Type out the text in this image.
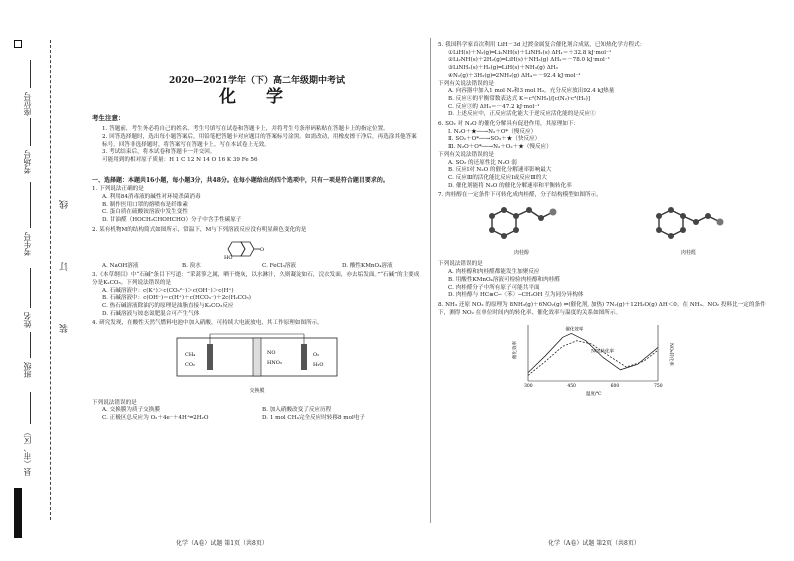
座位号
考场号
考生号
姓名
班级
县（市、区）
线
订
装
2020—2021学年（下）高二年级期中考试
化 学
考生注意：
1. 答题前，考生务必将自己的姓名、考生号填写在试卷和答题卡上，并将考生号条形码粘贴在答题卡上的指定位置。
2. 回答选择题时，选出每小题答案后，用铅笔把答题卡对应题目的答案标号涂黑。如需改动，用橡皮擦干净后，再选涂其他答案标号。回答非选择题时，将答案写在答题卡上。写在本试卷上无效。
3. 考试结束后，将本试卷和答题卡一并交回。
可能用到的相对原子质量：H 1 C 12 N 14 O 16 K 39 Fe 56
一、选择题：本题共16小题，每小题3分，共48分。在每小题给出的四个选项中，只有一项是符合题目要求的。
1. 下列说法正确的是
A. 利用84消毒液的碱性对环境杀菌消毒
B. 制作医用口罩的熔喷布是纤维素
C. 蛋白质在硫酸铵溶液中发生变性
D. 甘油醛（HOCH₂CHOHCHO）分子中含手性碳原子
2. 某有机物M的结构简式如图所示，常温下，M与下列溶液反应没有明显颜色变化的是
HO
O
A. NaOH溶液	B. 溴水	C. FeCl₃溶液	D. 酸性KMnO₄溶液
3.《本草纲目》中“石碱”条目下写道：“采蒿蓼之属，晒干烧灰，以水淋汁，久则凝淀如石，浣衣发面，亦去垢发面。”“石碱”的主要成分是K₂CO₃。下列说法错误的是
A. 石碱溶液中：c(K⁺)＞c(CO₃²⁻)＞c(OH⁻)＞c(H⁺)
B. 石碱溶液中：c(OH⁻)＝c(H⁺)＋c(HCO₃⁻)＋2c(H₂CO₃)
C. 热石碱溶液除油污的原理是油脂直接与K₂CO₃反应
D. 石碱溶液与铵态氮肥混合可产生气体
4. 研究发现，在酸性天然气燃料电池中加入硝酸，可持续大电流放电，其工作原理如图所示。
CH₄
CO₂
NO
HNO₃
O₂
H₂O
交换膜
下列说法错误的是
A. 交换膜为质子交换膜	B. 加入硝酸改变了反应历程
C. 正极区总反应为 O₂＋4e⁻＋4H⁺═2H₂O	D. 1 mol CH₄完全反应时转移8 mol电子
5. 我国科学家首次利用 LiH－3d 过渡金属复合催化剂合成氨，已知热化学方程式：
①LiH(s)＋N₂(g)═Li₂NH(s)＋LiNH₂(s) ΔH₁＝＋32.8 kJ·mol⁻¹
②Li₂NH(s)＋2H₂(g)═LiH(s)＋NH₃(g) ΔH₂＝－78.0 kJ·mol⁻¹
③LiNH₂(s)＋H₂(g)═LiH(s)＋NH₃(g) ΔH₃
④N₂(g)＋3H₂(g)═2NH₃(g) ΔH₄＝－92.4 kJ·mol⁻¹
下列有关说法错误的是
A. 向容器中加入1 mol N₂和3 mol H₂，充分反应放出92.4 kJ热量
B. 反应④的平衡常数表达式 K＝c²(NH₃)/[c(N₂)·c³(H₂)]
C. 反应③的 ΔH₃＝－47.2 kJ·mol⁻¹
D. 上述反应中，正反应活化能大于逆反应活化能的是反应①
6. SO₂ 对 N₂O 的催化分解具有促进作用，其原理如下：
Ⅰ. N₂O＋★──→N₂＋O*（慢反应）
Ⅱ. SO₂＋O*──→SO₃＋★（快反应）
Ⅲ. N₂O＋O*──→N₂＋O₂＋★（慢反应）
下列有关说法错误的是
A. SO₂ 的还原性比 N₂O 弱
B. 反应Ⅰ对 N₂O 的催化分解速率影响最大
C. 反应Ⅲ的活化能比反应Ⅰ或反应Ⅲ的大
D. 催化剂能将 N₂O 的催化分解速率和平衡转化率
7. 肉桂醇在一定条件下可转化成肉桂醛，分子结构模型如图所示。
肉桂醇	肉桂醛
下列说法错误的是
A. 肉桂醇和肉桂醛都能发生加聚反应
B. 用酸性KMnO₄溶液可检验肉桂醇和肉桂醛
C. 肉桂醛分子中所有原子可能共平面
D. 肉桂醇与 HC≡C─〈苯〉─CH₂OH 互为同分异构体
8. NH₃ 还原 NO₂ 的原理为 8NH₃(g)＋6NO₂(g) ⇌(催化剂, 加热) 7N₂(g)＋12H₂O(g) ΔH＜0。在 NH₃、NO₂ 投料比一定的条件下，测得 NO₂ 在单位时间内的转化率、催化效率与温度的关系如图所示。
催化效率	NO₂转化率
温度/℃
300	450	600	750
催化效率
NO₂转化率
化学（A卷）试题 第1页（共8页）	化学（A卷）试题 第2页（共8页）
